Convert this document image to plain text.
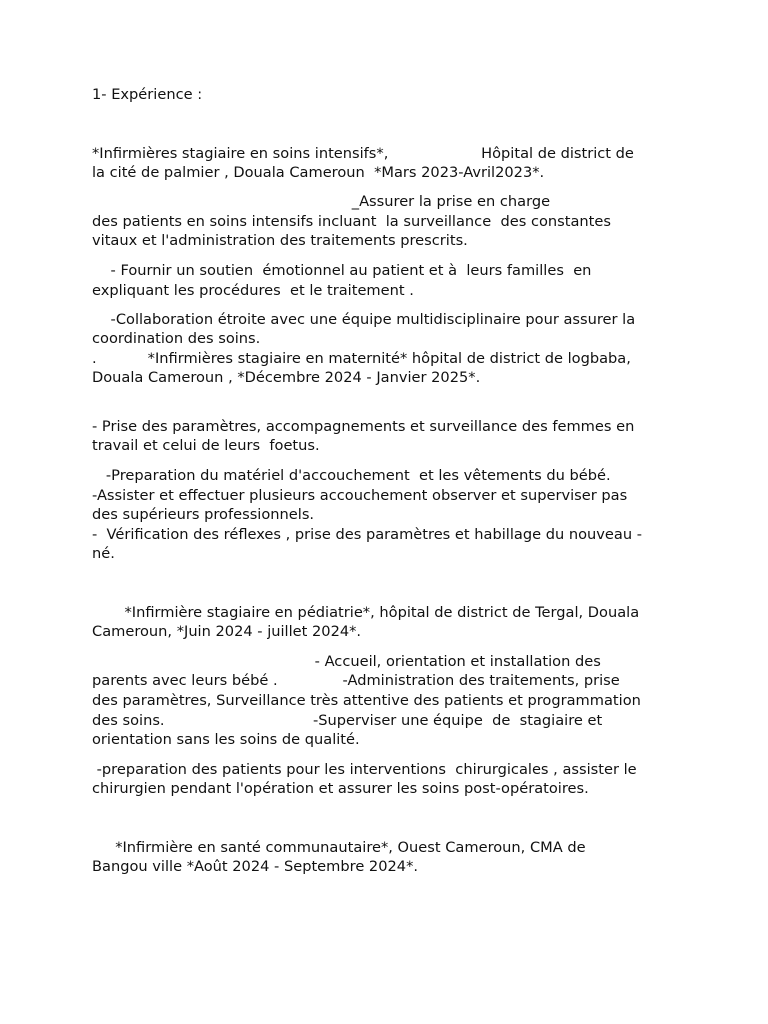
1- Expérience :

*Infirmières stagiaire en soins intensifs*,                    Hôpital de district de

la cité de palmier , Douala Cameroun  *Mars 2023-Avril2023*.

_Assurer la prise en charge

des patients en soins intensifs incluant  la surveillance  des constantes

vitaux et l'administration des traitements prescrits.

- Fournir un soutien  émotionnel au patient et à  leurs familles  en

expliquant les procédures  et le traitement .

-Collaboration étroite avec une équipe multidisciplinaire pour assurer la

coordination des soins.

.           *Infirmières stagiaire en maternité* hôpital de district de logbaba,

Douala Cameroun , *Décembre 2024 - Janvier 2025*.

- Prise des paramètres, accompagnements et surveillance des femmes en

travail et celui de leurs  foetus.

-Preparation du matériel d'accouchement  et les vêtements du bébé.

-Assister et effectuer plusieurs accouchement observer et superviser pas

des supérieurs professionnels.

-  Vérification des réflexes , prise des paramètres et habillage du nouveau -

né.

*Infirmière stagiaire en pédiatrie*, hôpital de district de Tergal, Douala

Cameroun, *Juin 2024 - juillet 2024*.

- Accueil, orientation et installation des

parents avec leurs bébé .              -Administration des traitements, prise

des paramètres, Surveillance très attentive des patients et programmation

des soins.                                -Superviser une équipe  de  stagiaire et

orientation sans les soins de qualité.

-preparation des patients pour les interventions  chirurgicales , assister le

chirurgien pendant l'opération et assurer les soins post-opératoires.

*Infirmière en santé communautaire*, Ouest Cameroun, CMA de

Bangou ville *Août 2024 - Septembre 2024*.
